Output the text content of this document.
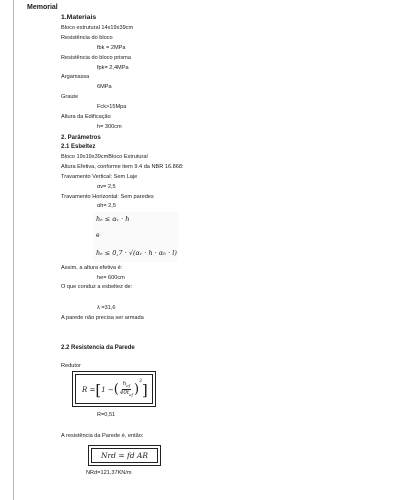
Memorial
1.Materiais
Bloco estrutural 14x19x39cm
Resistência do bloco
fbk = 2MPa
Resistência do bloco prisma
fpk= 2,4MPa
Argamassa
6MPa
Graute
Fck>15Mpa
Altura da Edificação
h= 300cm
2. Parâmetros
2.1 Esbeltez
Bloco 19x19x39cmBloco Estrutural
Altura Efetiva, conforme item 9.4 da NBR 16.868:
Travamento Vertical: Sem Laje
αv= 2,5
Travamento Horizontal: Sem paredes
αh= 2,5
hₑ ≤ αᵥ · h
e
hₑ ≤ 0,7 · √(αᵥ · h · αₕ · l)
Assim, a altura efetiva é:
he= 600cm
O que conduz a esbeltez de:
λ =31,6
A parede não precisa ser armada
2.2 Resistencia da Parede
Redutor
R = [ 1 − ( $h_{ef}$
$40t_{ef}$ )
$^3$ ]
R=0,51
A resistência da Parede é, então:
Nrd = fd AR
NRd=121,37KN/m
